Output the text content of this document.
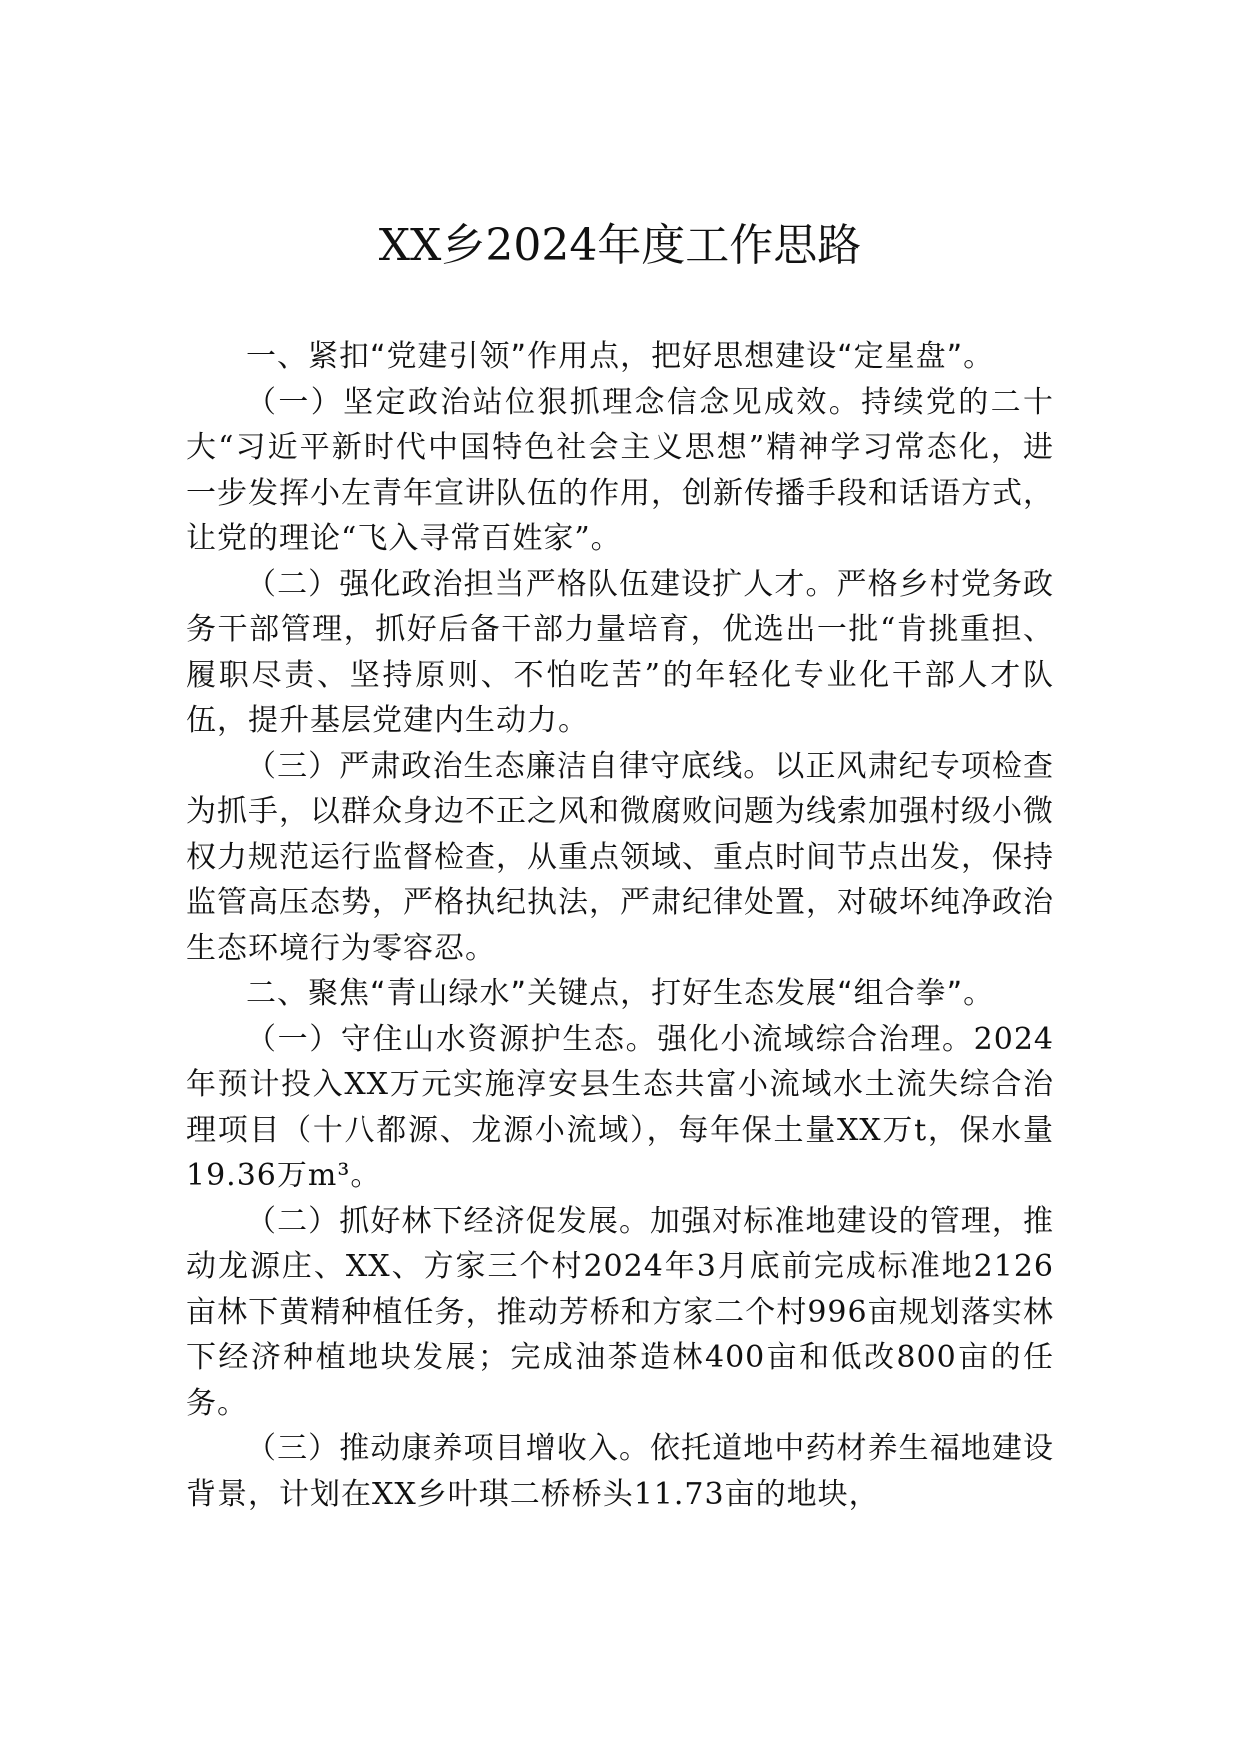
XX乡2024年度工作思路

一、紧扣“党建引领”作用点，把好思想建设“定星盘”。

（一）坚定政治站位狠抓理念信念见成效。持续党的二十大“习近平新时代中国特色社会主义思想”精神学习常态化，进一步发挥小左青年宣讲队伍的作用，创新传播手段和话语方式，让党的理论“飞入寻常百姓家”。

（二）强化政治担当严格队伍建设扩人才。严格乡村党务政务干部管理，抓好后备干部力量培育，优选出一批“肯挑重担、履职尽责、坚持原则、不怕吃苦”的年轻化专业化干部人才队伍，提升基层党建内生动力。

（三）严肃政治生态廉洁自律守底线。以正风肃纪专项检查为抓手，以群众身边不正之风和微腐败问题为线索加强村级小微权力规范运行监督检查，从重点领域、重点时间节点出发，保持监管高压态势，严格执纪执法，严肃纪律处置，对破坏纯净政治生态环境行为零容忍。

二、聚焦“青山绿水”关键点，打好生态发展“组合拳”。

（一）守住山水资源护生态。强化小流域综合治理。2024年预计投入XX万元实施淳安县生态共富小流域水土流失综合治理项目（十八都源、龙源小流域），每年保土量XX万t，保水量19.36万m³。

（二）抓好林下经济促发展。加强对标准地建设的管理，推动龙源庄、XX、方家三个村2024年3月底前完成标准地2126亩林下黄精种植任务，推动芳桥和方家二个村996亩规划落实林下经济种植地块发展；完成油茶造林400亩和低改800亩的任务。

（三）推动康养项目增收入。依托道地中药材养生福地建设背景，计划在XX乡叶琪二桥桥头11.73亩的地块，
